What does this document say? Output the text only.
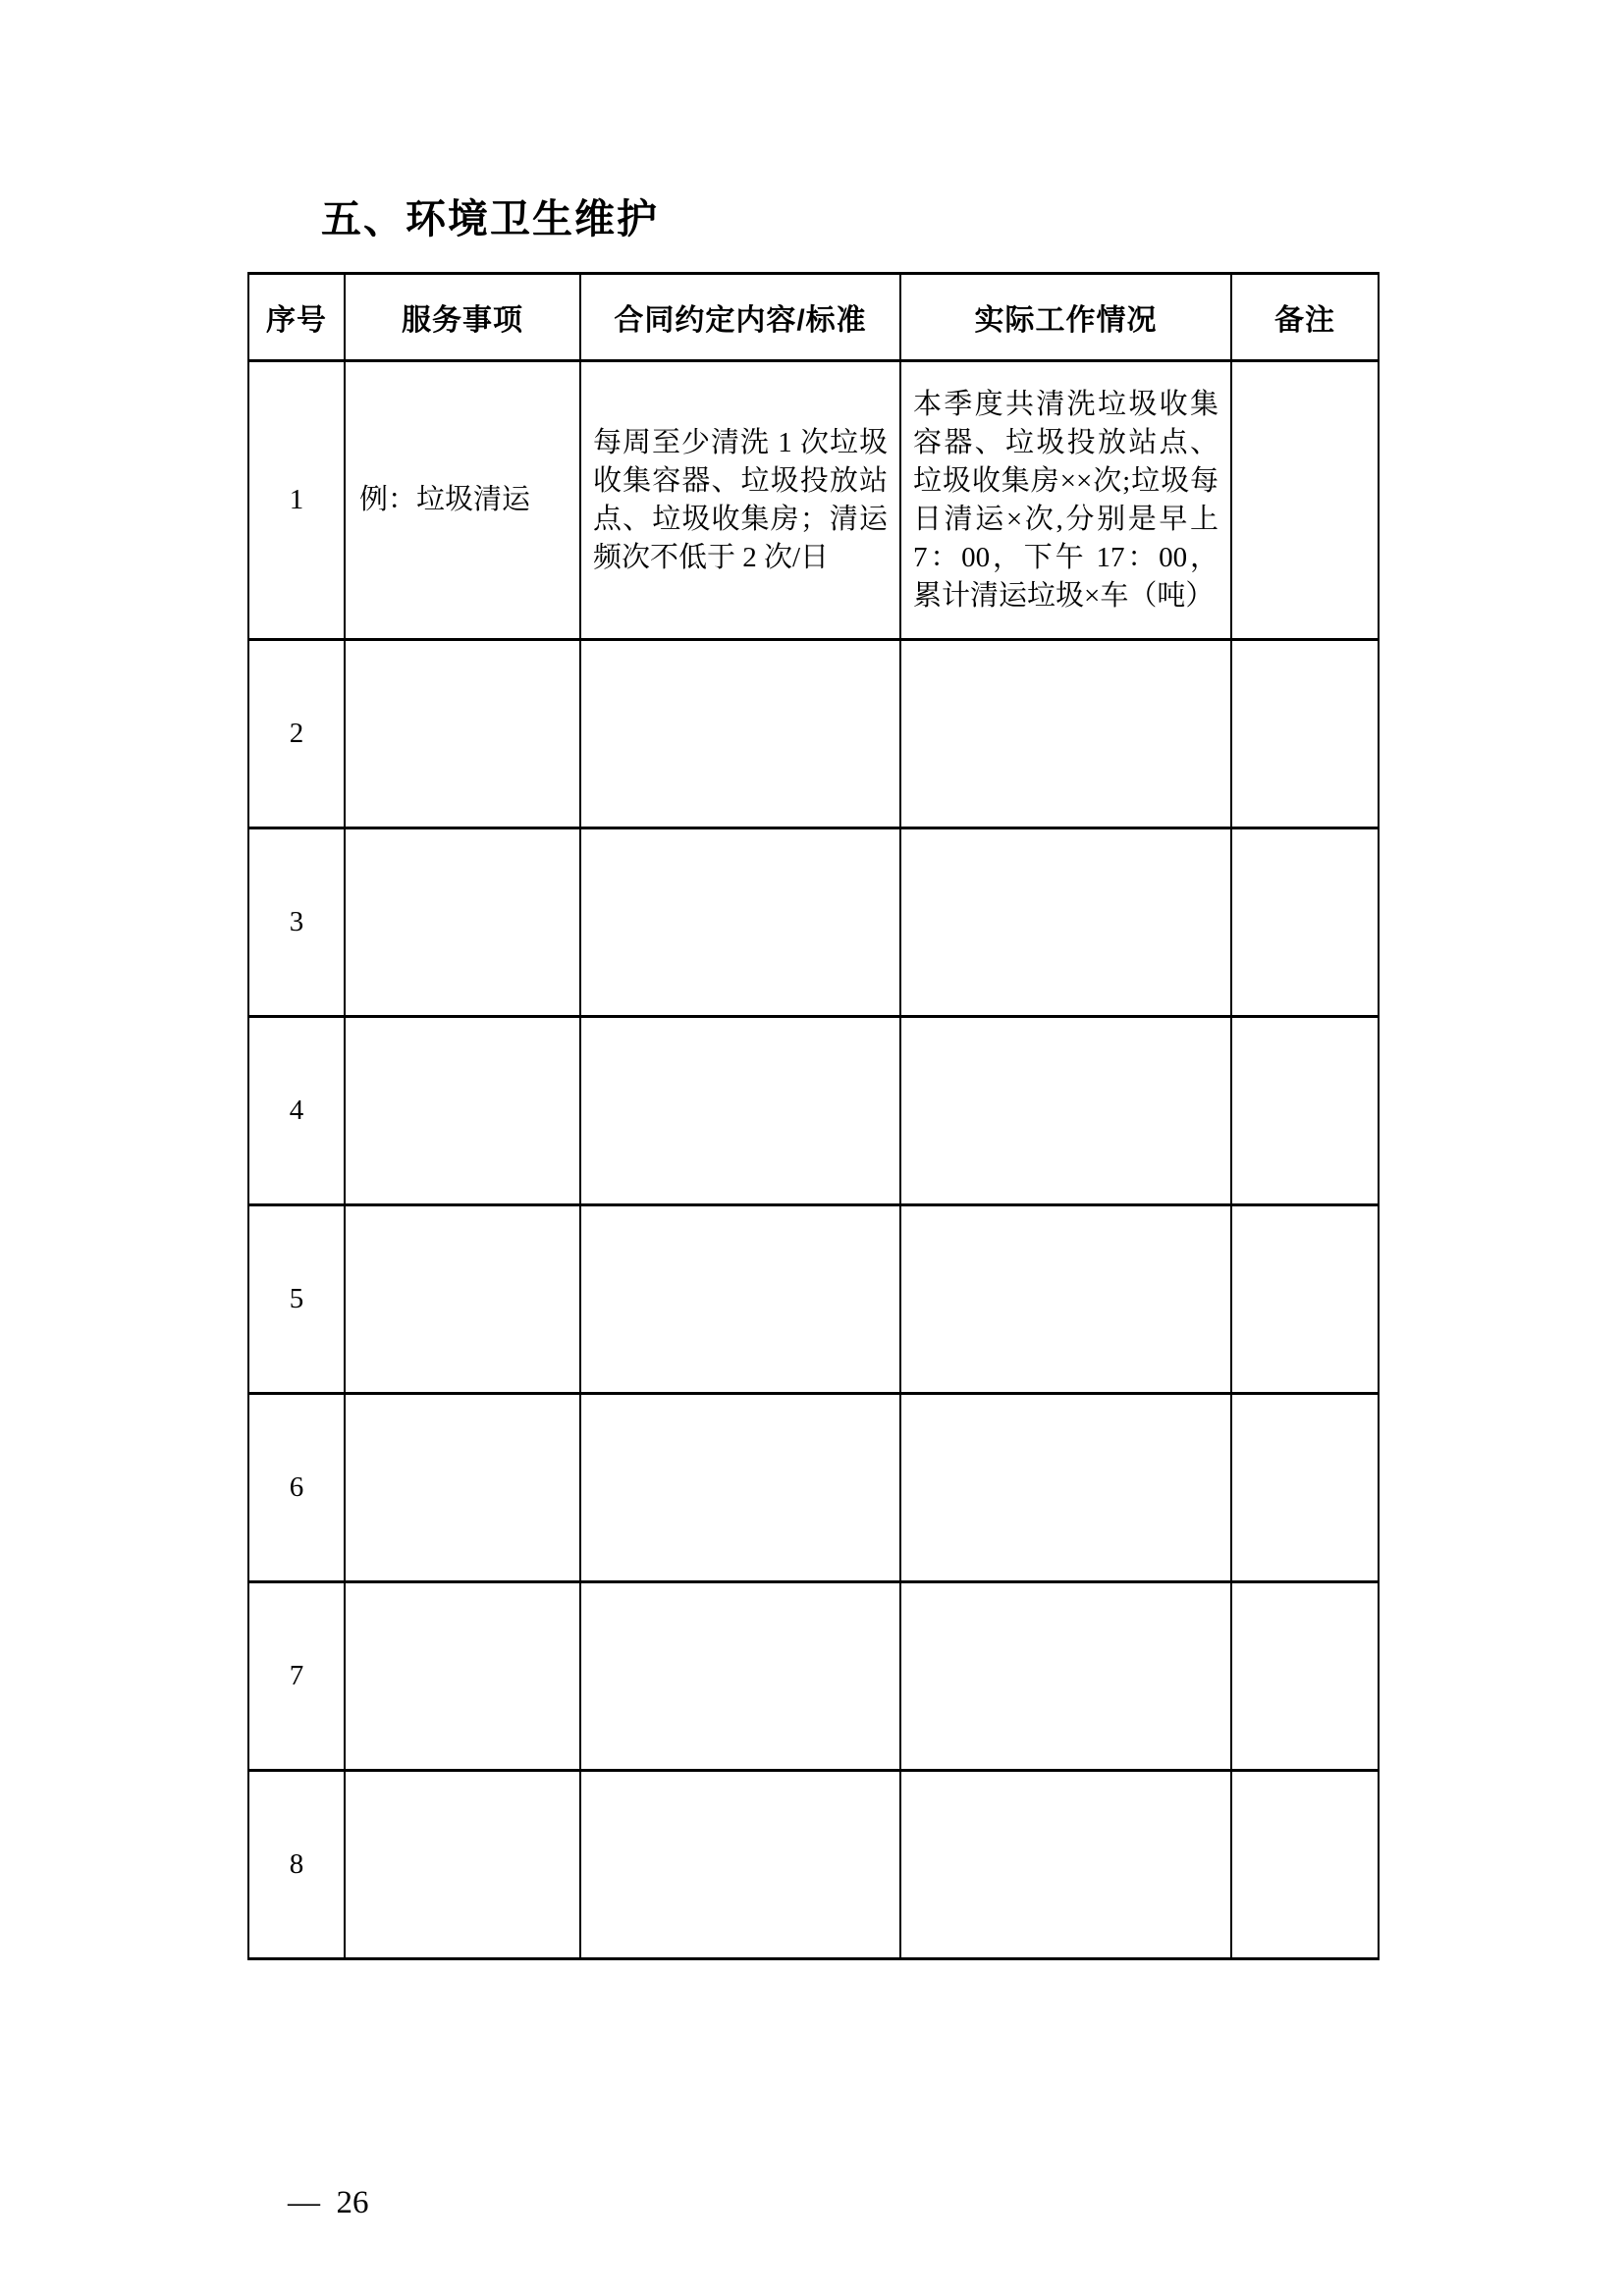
五、环境卫生维护
序号	服务事项	合同约定内容/标准	实际工作情况	备注
1	例：垃圾清运	每周至少清洗 1 次垃圾收集容器、垃圾投放站点、垃圾收集房；清运频次不低于 2 次/日	本季度共清洗垃圾收集容器、垃圾投放站点、垃圾收集房××次;垃圾每日清运×次,分别是早上 7：00，下午 17：00，累计清运垃圾×车（吨）	
2				
3				
4				
5				
6				
7				
8				
—  26
